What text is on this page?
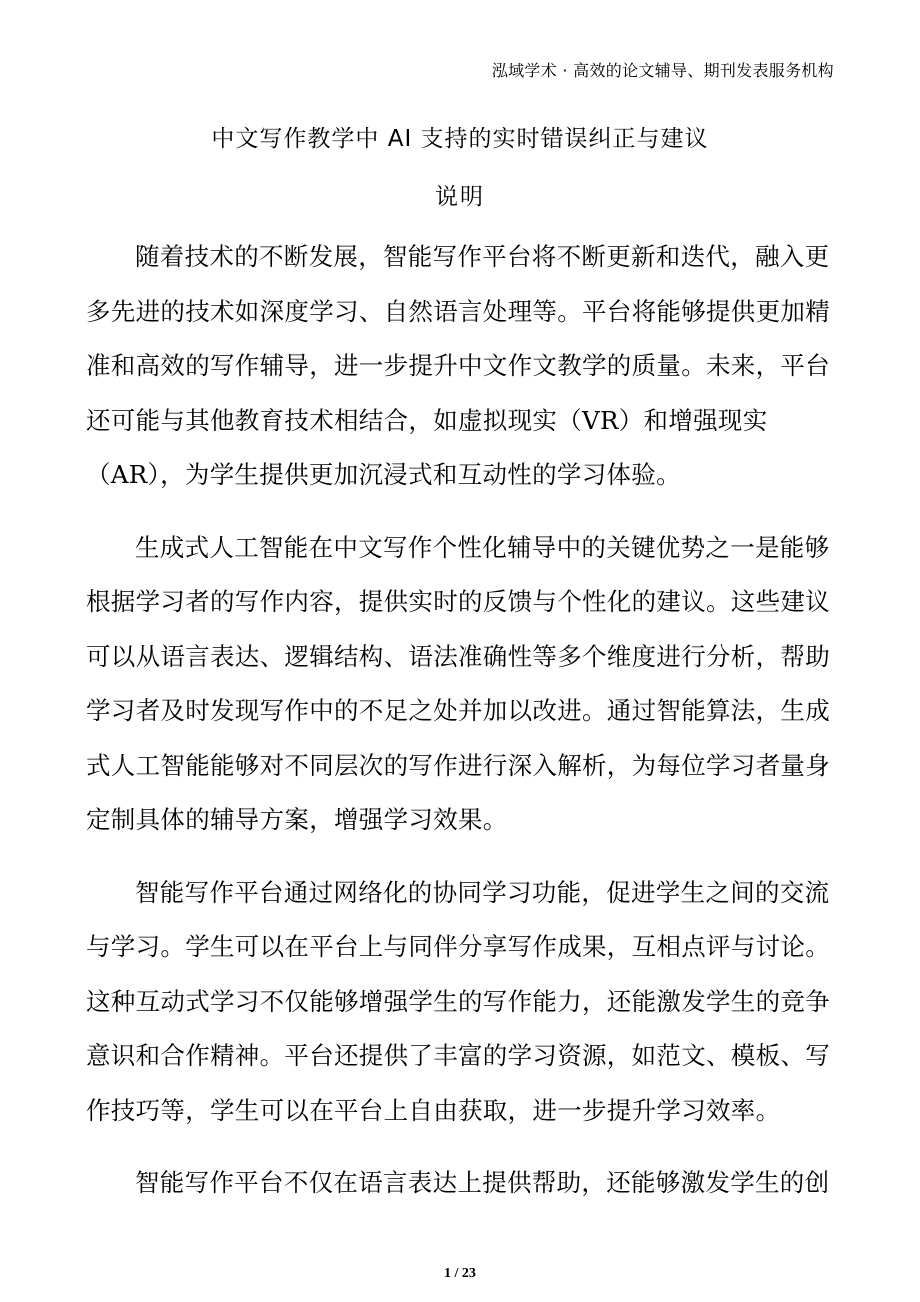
泓域学术 · 高效的论文辅导、期刊发表服务机构
中文写作教学中 AI 支持的实时错误纠正与建议
说明
随着技术的不断发展，智能写作平台将不断更新和迭代，融入更
多先进的技术如深度学习、自然语言处理等。平台将能够提供更加精
准和高效的写作辅导，进一步提升中文作文教学的质量。未来，平台
还可能与其他教育技术相结合，如虚拟现实（VR）和增强现实
（AR），为学生提供更加沉浸式和互动性的学习体验。
生成式人工智能在中文写作个性化辅导中的关键优势之一是能够
根据学习者的写作内容，提供实时的反馈与个性化的建议。这些建议
可以从语言表达、逻辑结构、语法准确性等多个维度进行分析，帮助
学习者及时发现写作中的不足之处并加以改进。通过智能算法，生成
式人工智能能够对不同层次的写作进行深入解析，为每位学习者量身
定制具体的辅导方案，增强学习效果。
智能写作平台通过网络化的协同学习功能，促进学生之间的交流
与学习。学生可以在平台上与同伴分享写作成果，互相点评与讨论。
这种互动式学习不仅能够增强学生的写作能力，还能激发学生的竞争
意识和合作精神。平台还提供了丰富的学习资源，如范文、模板、写
作技巧等，学生可以在平台上自由获取，进一步提升学习效率。
智能写作平台不仅在语言表达上提供帮助，还能够激发学生的创
1 / 23
